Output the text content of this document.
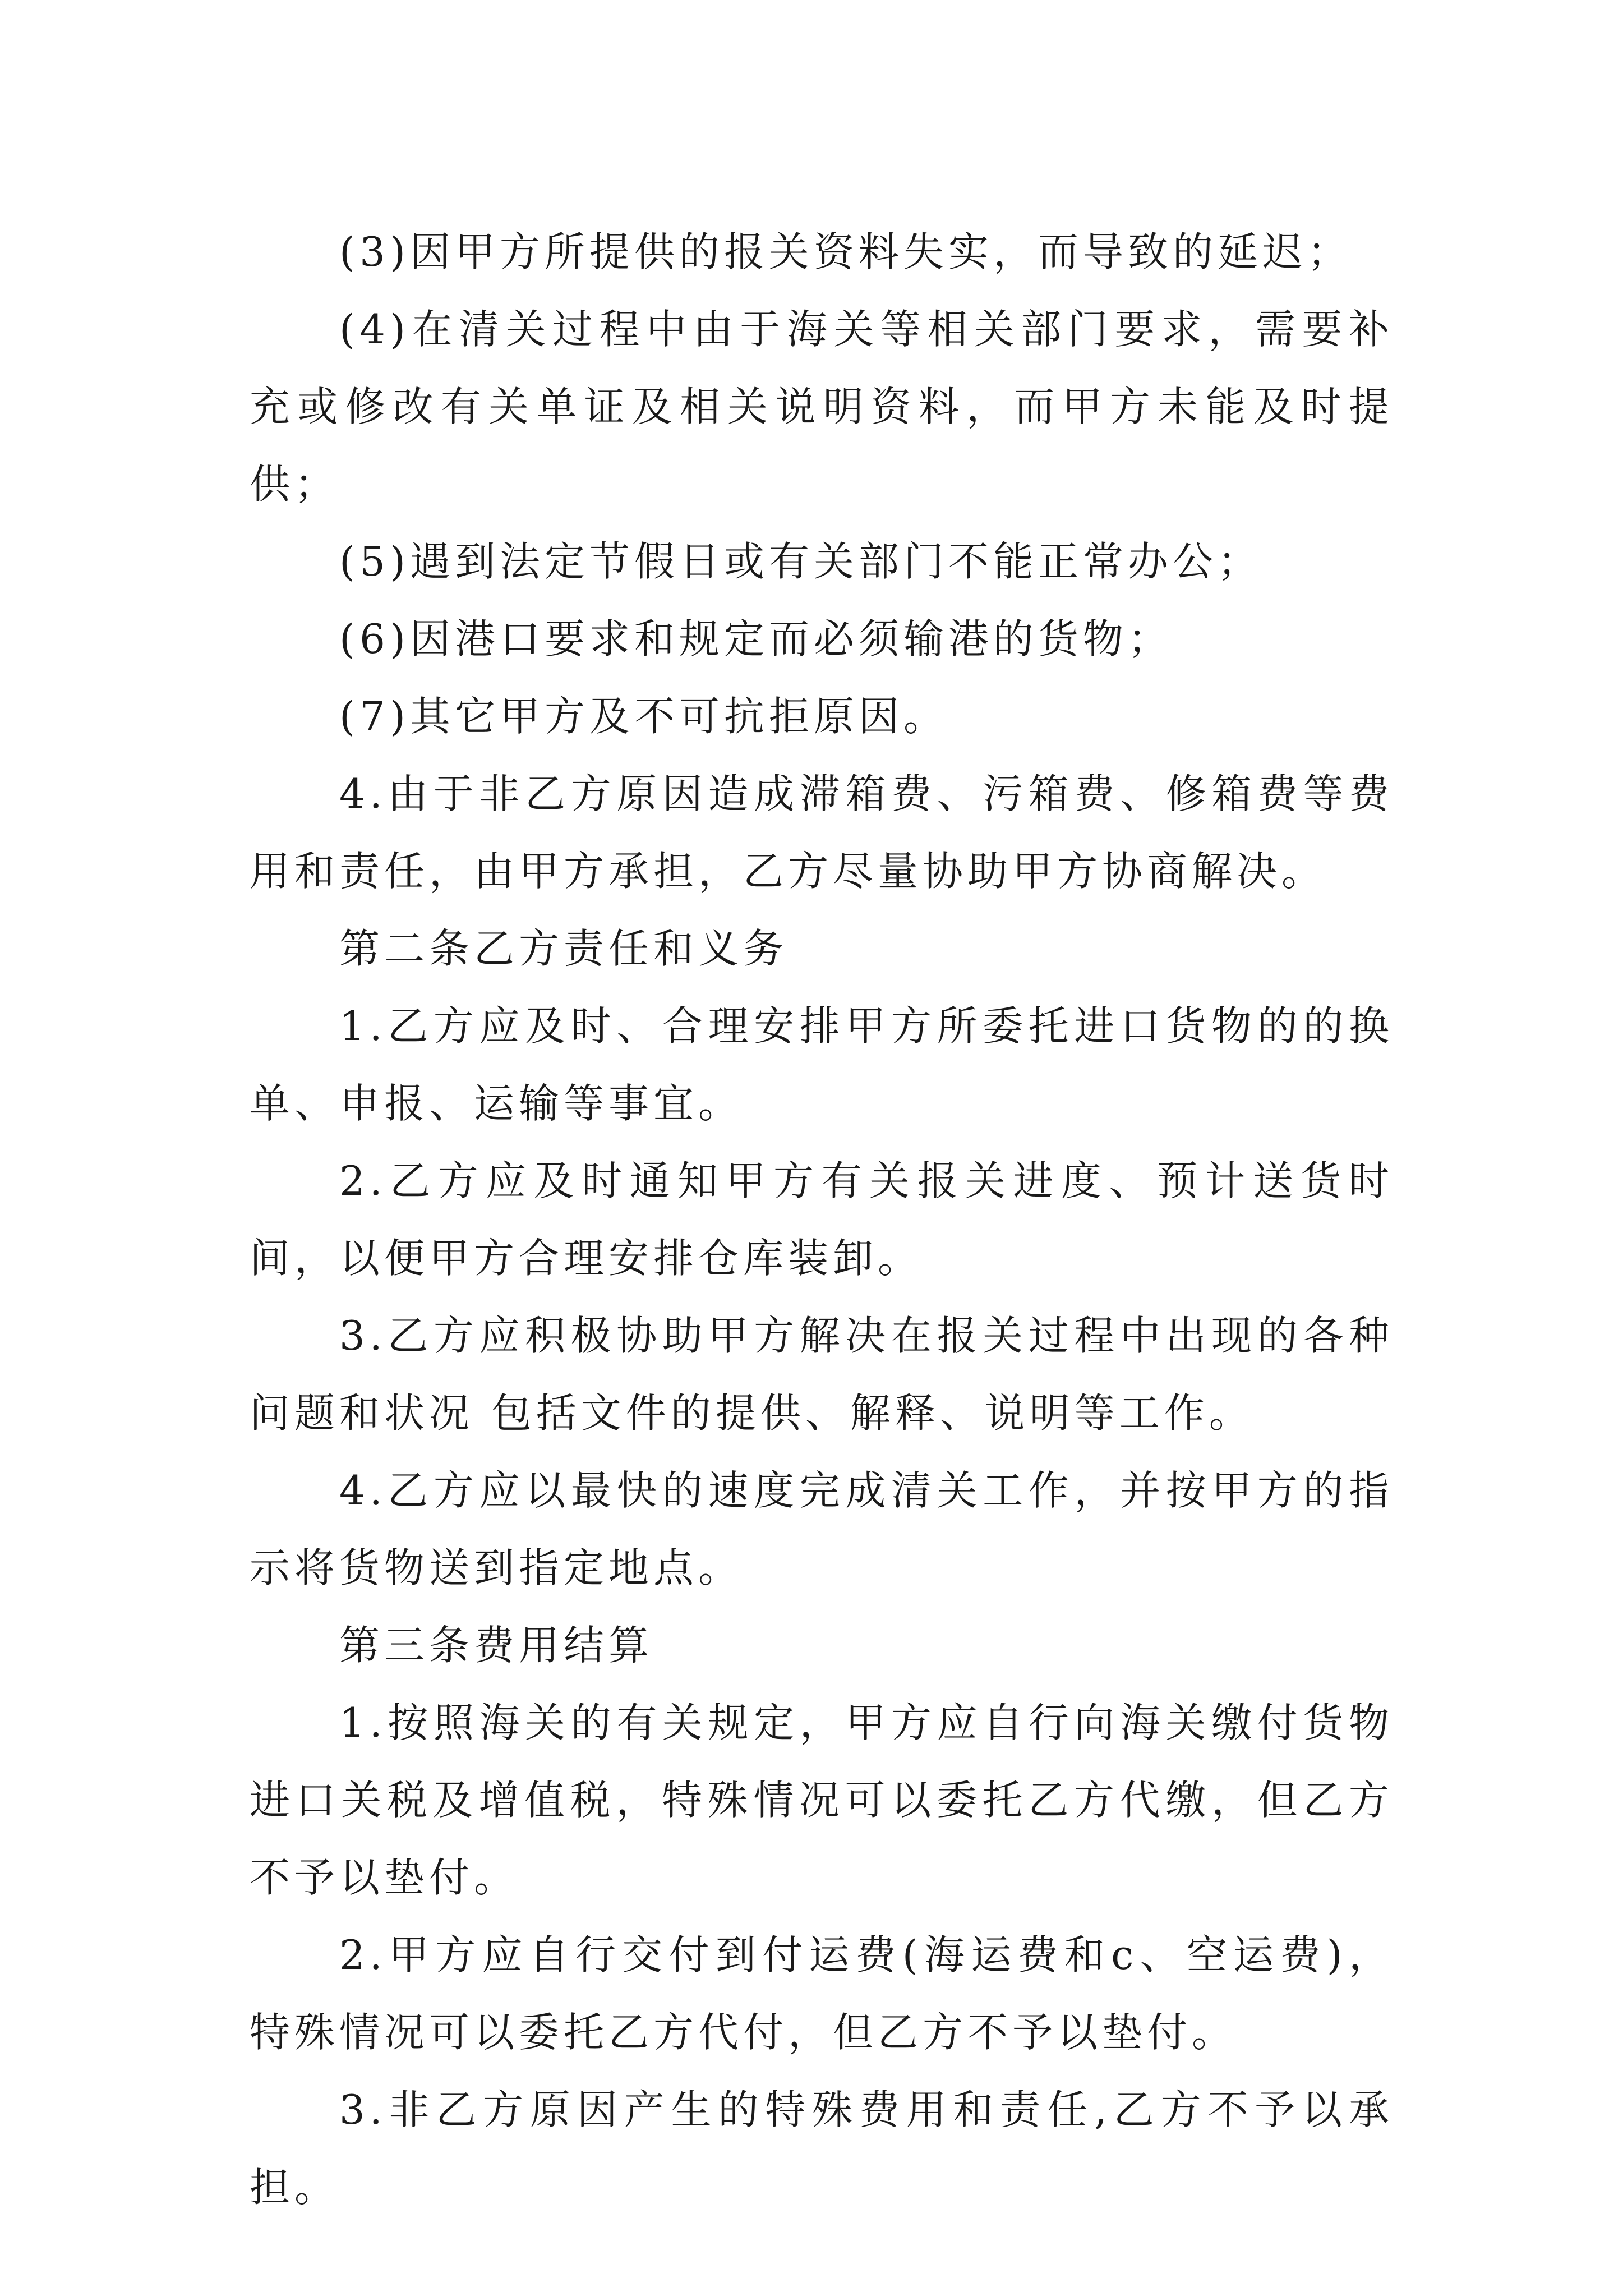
(3)因甲方所提供的报关资料失实，而导致的延迟；

(4)在清关过程中由于海关等相关部门要求，需要补充或修改有关单证及相关说明资料，而甲方未能及时提供；

(5)遇到法定节假日或有关部门不能正常办公；

(6)因港口要求和规定而必须输港的货物；

(7)其它甲方及不可抗拒原因。

4.由于非乙方原因造成滞箱费、污箱费、修箱费等费用和责任，由甲方承担，乙方尽量协助甲方协商解决。

第二条乙方责任和义务

1.乙方应及时、合理安排甲方所委托进口货物的的换单、申报、运输等事宜。

2.乙方应及时通知甲方有关报关进度、预计送货时间，以便甲方合理安排仓库装卸。

3.乙方应积极协助甲方解决在报关过程中出现的各种问题和状况 包括文件的提供、解释、说明等工作。

4.乙方应以最快的速度完成清关工作，并按甲方的指示将货物送到指定地点。

第三条费用结算

1.按照海关的有关规定，甲方应自行向海关缴付货物进口关税及增值税，特殊情况可以委托乙方代缴，但乙方不予以垫付。

2.甲方应自行交付到付运费(海运费和c、空运费)，特殊情况可以委托乙方代付，但乙方不予以垫付。

3.非乙方原因产生的特殊费用和责任,乙方不予以承担。
